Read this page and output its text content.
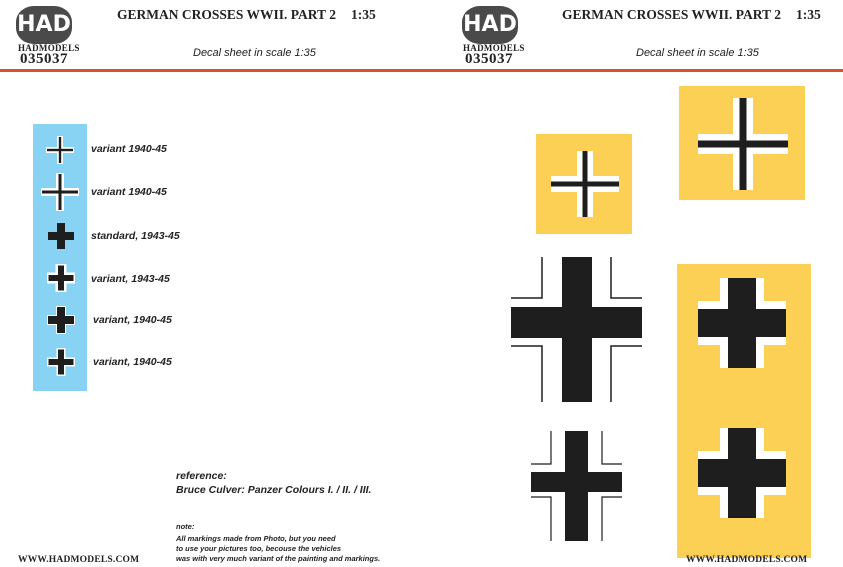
HAD
HADMODELS
035037
GERMAN CROSSES WWII. PART 2 1:35
Decal sheet in scale 1:35
HAD
HADMODELS
035037
GERMAN CROSSES WWII. PART 2 1:35
Decal sheet in scale 1:35
variant 1940-45
variant 1940-45
standard, 1943-45
variant, 1943-45
variant, 1940-45
variant, 1940-45
reference:
Bruce Culver: Panzer Colours I. / II. / III.
note:
All markings made from Photo, but you need
to use your pictures too, becouse the vehicles
was with very much variant of the painting and markings.
WWW.HADMODELS.COM	WWW.HADMODELS.COM
